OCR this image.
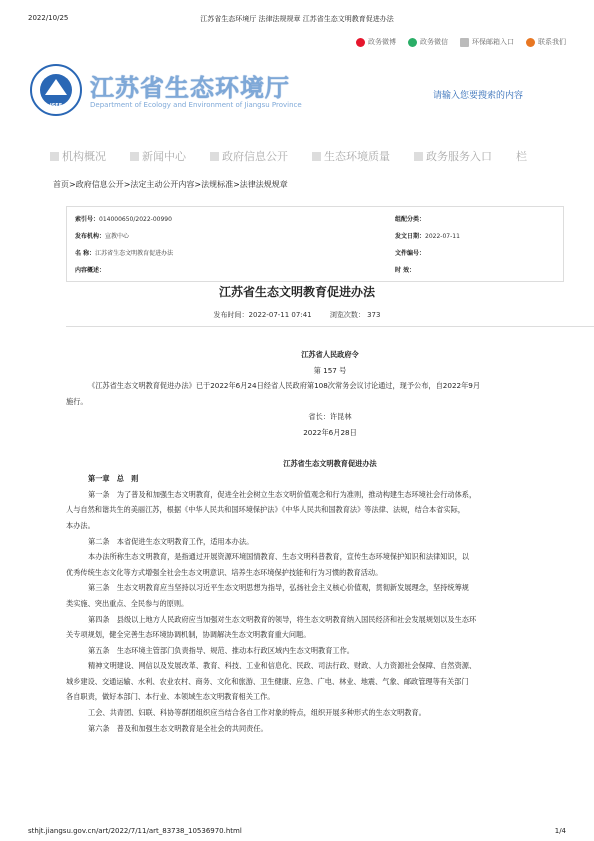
2022/10/25	江苏省生态环境厅 法律法规规章 江苏省生态文明教育促进办法
政务微博	政务微信	环保邮箱入口	联系我们
JSEE
江苏省生态环境厅
Department of Ecology and Environment of Jiangsu Province
请输入您要搜索的内容
机构概况	新闻中心	政府信息公开	生态环境质量	政务服务入口 栏
首页>政府信息公开>法定主动公开内容>法规标准>法律法规规章
索引号：014000650/2022-00990	组配分类：
发布机构：宣教中心	发文日期：2022-07-11
名 称：江苏省生态文明教育促进办法	文件编号：
内容概述：	时 效：
江苏省生态文明教育促进办法
发布时间：2022-07-11 07:41	浏览次数： 373

江苏省人民政府令

第 157 号

《江苏省生态文明教育促进办法》已于2022年6月24日经省人民政府第108次常务会议讨论通过，现予公布，自2022年9月

施行。

省长：许昆林

2022年6月28日

江苏省生态文明教育促进办法

第一章　总　则

第一条　为了普及和加强生态文明教育，促进全社会树立生态文明价值观念和行为准则，推动构建生态环境社会行动体系，

人与自然和谐共生的美丽江苏，根据《中华人民共和国环境保护法》《中华人民共和国教育法》等法律、法规，结合本省实际，

本办法。

第二条　本省促进生态文明教育工作，适用本办法。

本办法所称生态文明教育，是指通过开展资源环境国情教育、生态文明科普教育，宣传生态环境保护知识和法律知识，以

优秀传统生态文化等方式增强全社会生态文明意识、培养生态环境保护技能和行为习惯的教育活动。

第三条　生态文明教育应当坚持以习近平生态文明思想为指导，弘扬社会主义核心价值观，贯彻新发展理念，坚持统筹规

类实施、突出重点、全民参与的原则。

第四条　县级以上地方人民政府应当加强对生态文明教育的领导，将生态文明教育纳入国民经济和社会发展规划以及生态环

关专项规划，健全完善生态环境协调机制，协调解决生态文明教育重大问题。

第五条　生态环境主管部门负责指导、规范、推动本行政区域内生态文明教育工作。

精神文明建设、网信以及发展改革、教育、科技、工业和信息化、民政、司法行政、财政、人力资源社会保障、自然资源、

城乡建设、交通运输、水利、农业农村、商务、文化和旅游、卫生健康、应急、广电、林业、地震、气象、邮政管理等有关部门

各自职责，做好本部门、本行业、本领域生态文明教育相关工作。

工会、共青团、妇联、科协等群团组织应当结合各自工作对象的特点，组织开展多种形式的生态文明教育。

第六条　普及和加强生态文明教育是全社会的共同责任。

sthjt.jiangsu.gov.cn/art/2022/7/11/art_83738_10536970.html	1/4
